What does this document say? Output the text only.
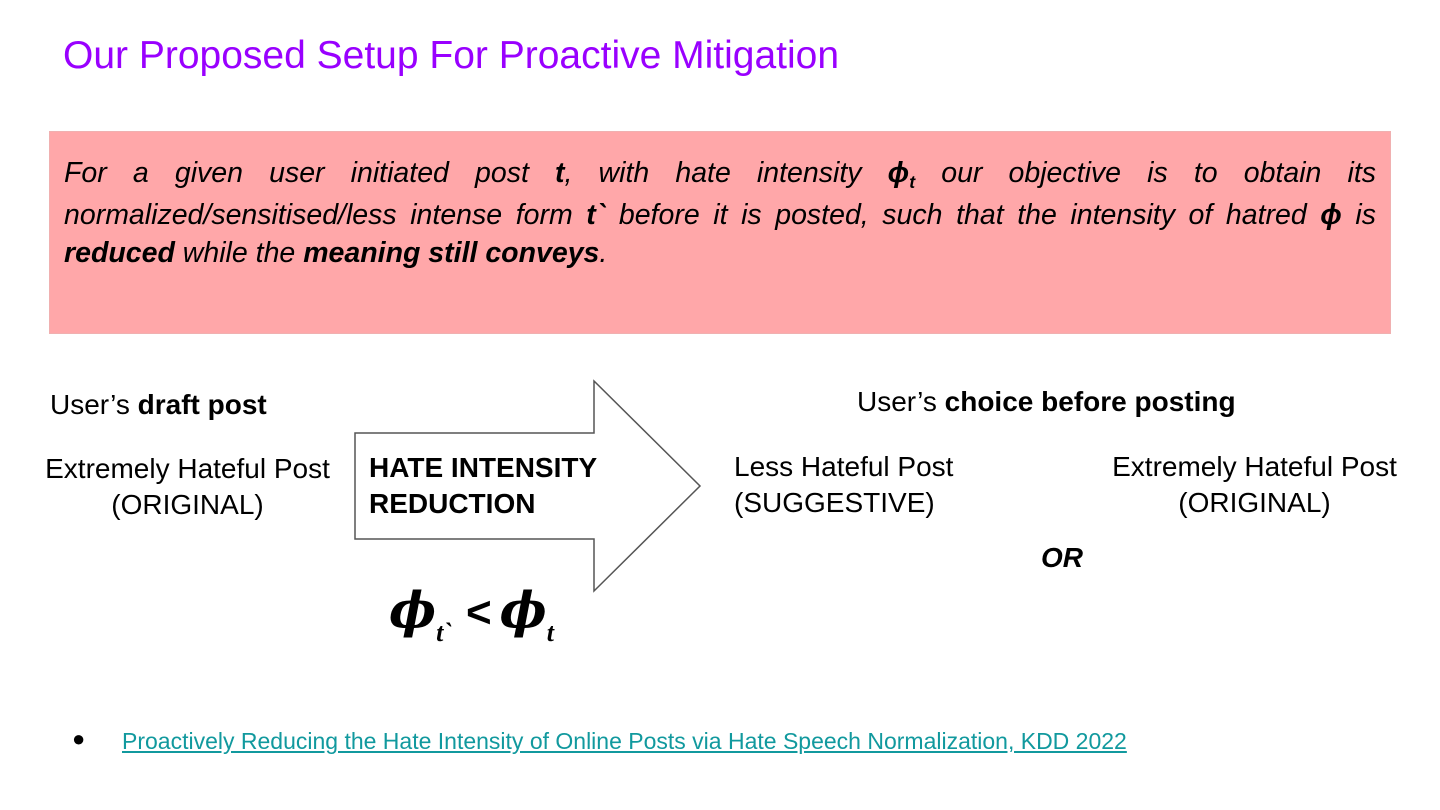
Our Proposed Setup For Proactive Mitigation

For a given user initiated post t, with hate intensity $\phi_t$ our objective is to obtain its normalized/sensitised/less intense form t` before it is posted, such that the intensity of hatred ϕ is reduced while the meaning still conveys.

User’s draft post
Extremely Hateful Post
(ORIGINAL)
HATE INTENSITY
REDUCTION
$\phi_{t`} < \phi_t$
User’s choice before posting
Less Hateful Post
(SUGGESTIVE)
Extremely Hateful Post
(ORIGINAL)
OR
● Proactively Reducing the Hate Intensity of Online Posts via Hate Speech Normalization, KDD 2022
